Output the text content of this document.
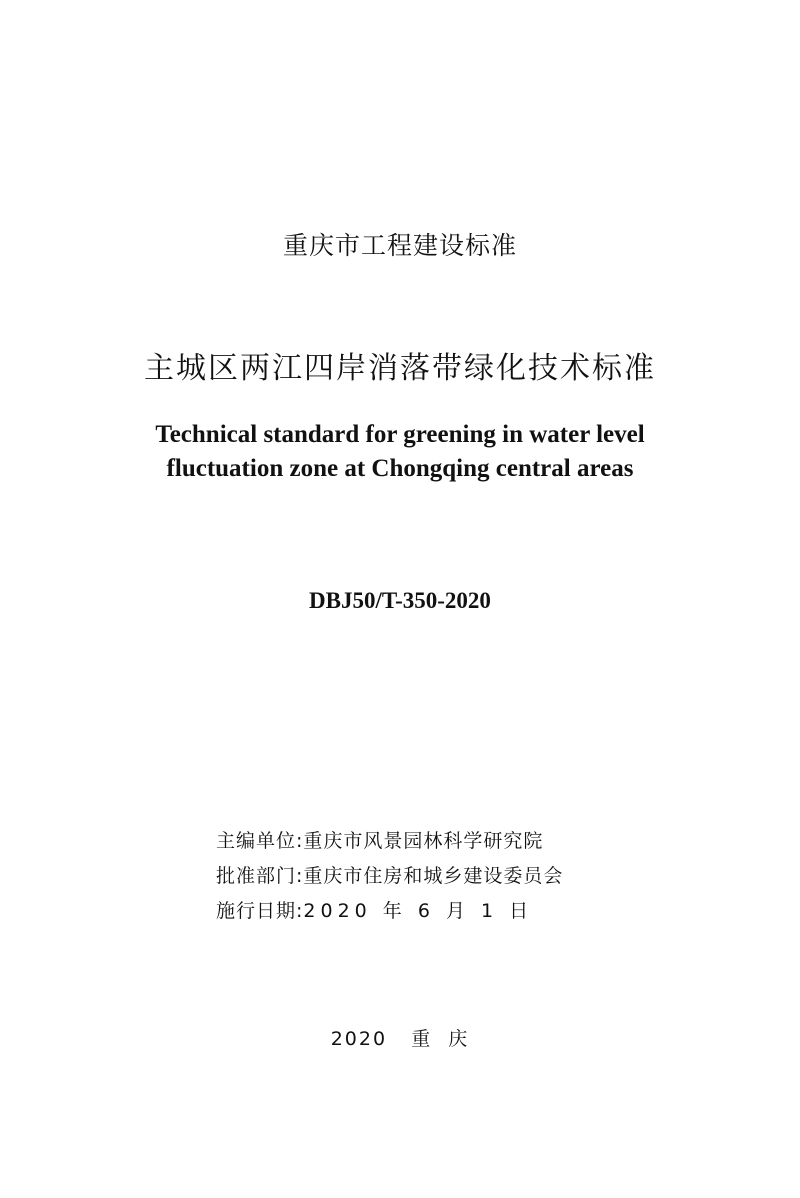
重庆市工程建设标准
主城区两江四岸消落带绿化技术标准
Technical standard for greening in water level
fluctuation zone at Chongqing central areas
DBJ50/T-350-2020
主编单位:重庆市风景园林科学研究院
批准部门:重庆市住房和城乡建设委员会
施行日期:2020 年 6 月 1 日
2020 重  庆
